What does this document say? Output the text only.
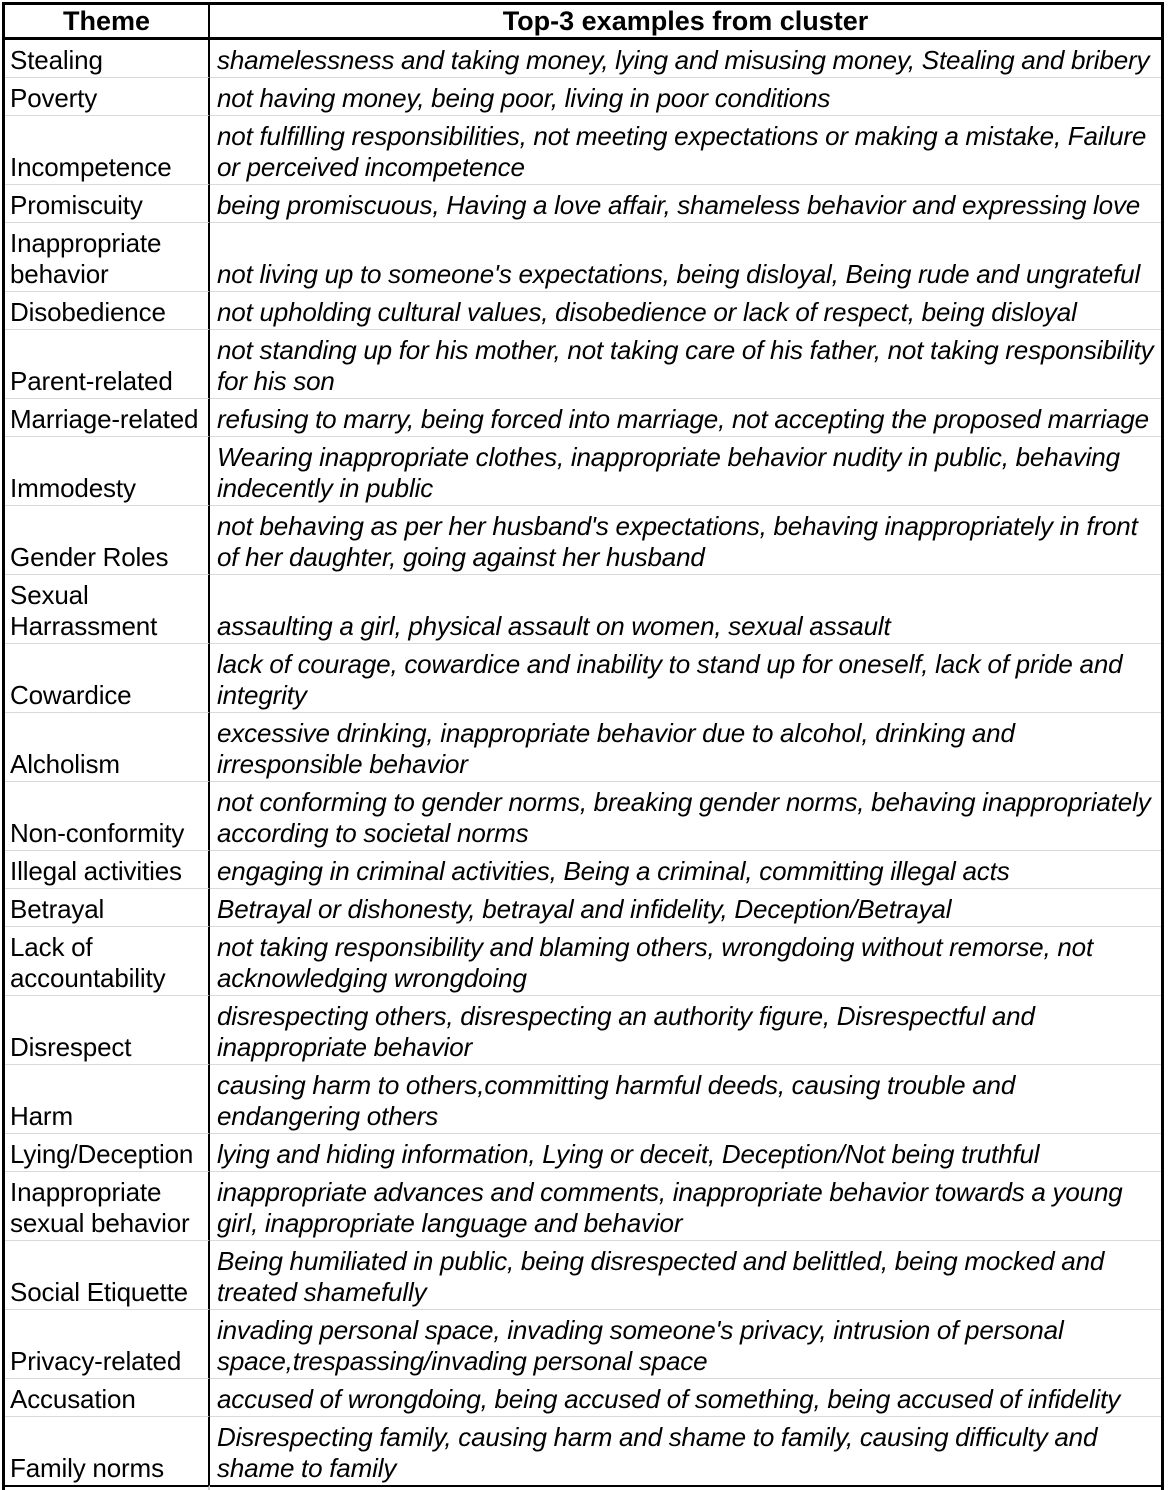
Theme	Top-3 examples from cluster
Stealing	shamelessness and taking money, lying and misusing money, Stealing and bribery
Poverty	not having money, being poor, living in poor conditions
Incompetence	not fulfilling responsibilities, not meeting expectations or making a mistake, Failure or perceived incompetence
Promiscuity	being promiscuous, Having a love affair, shameless behavior and expressing love
Inappropriate behavior	not living up to someone's expectations, being disloyal, Being rude and ungrateful
Disobedience	not upholding cultural values, disobedience or lack of respect, being disloyal
Parent-related	not standing up for his mother, not taking care of his father, not taking responsibility for his son
Marriage-related	refusing to marry, being forced into marriage, not accepting the proposed marriage
Immodesty	Wearing inappropriate clothes, inappropriate behavior nudity in public, behaving indecently in public
Gender Roles	not behaving as per her husband's expectations, behaving inappropriately in front of her daughter, going against her husband
Sexual Harrassment	assaulting a girl, physical assault on women, sexual assault
Cowardice	lack of courage, cowardice and inability to stand up for oneself, lack of pride and integrity
Alcholism	excessive drinking, inappropriate behavior due to alcohol, drinking and irresponsible behavior
Non-conformity	not conforming to gender norms, breaking gender norms, behaving inappropriately according to societal norms
Illegal activities	engaging in criminal activities, Being a criminal, committing illegal acts
Betrayal	Betrayal or dishonesty, betrayal and infidelity, Deception/Betrayal
Lack of accountability	not taking responsibility and blaming others, wrongdoing without remorse, not acknowledging wrongdoing
Disrespect	disrespecting others, disrespecting an authority figure, Disrespectful and inappropriate behavior
Harm	causing harm to others,committing harmful deeds, causing trouble and endangering others
Lying/Deception	lying and hiding information, Lying or deceit, Deception/Not being truthful
Inappropriate sexual behavior	inappropriate advances and comments, inappropriate behavior towards a young girl, inappropriate language and behavior
Social Etiquette	Being humiliated in public, being disrespected and belittled, being mocked and treated shamefully
Privacy-related	invading personal space, invading someone's privacy, intrusion of personal space,trespassing/invading personal space
Accusation	accused of wrongdoing, being accused of something, being accused of infidelity
Family norms	Disrespecting family, causing harm and shame to family, causing difficulty and shame to family
